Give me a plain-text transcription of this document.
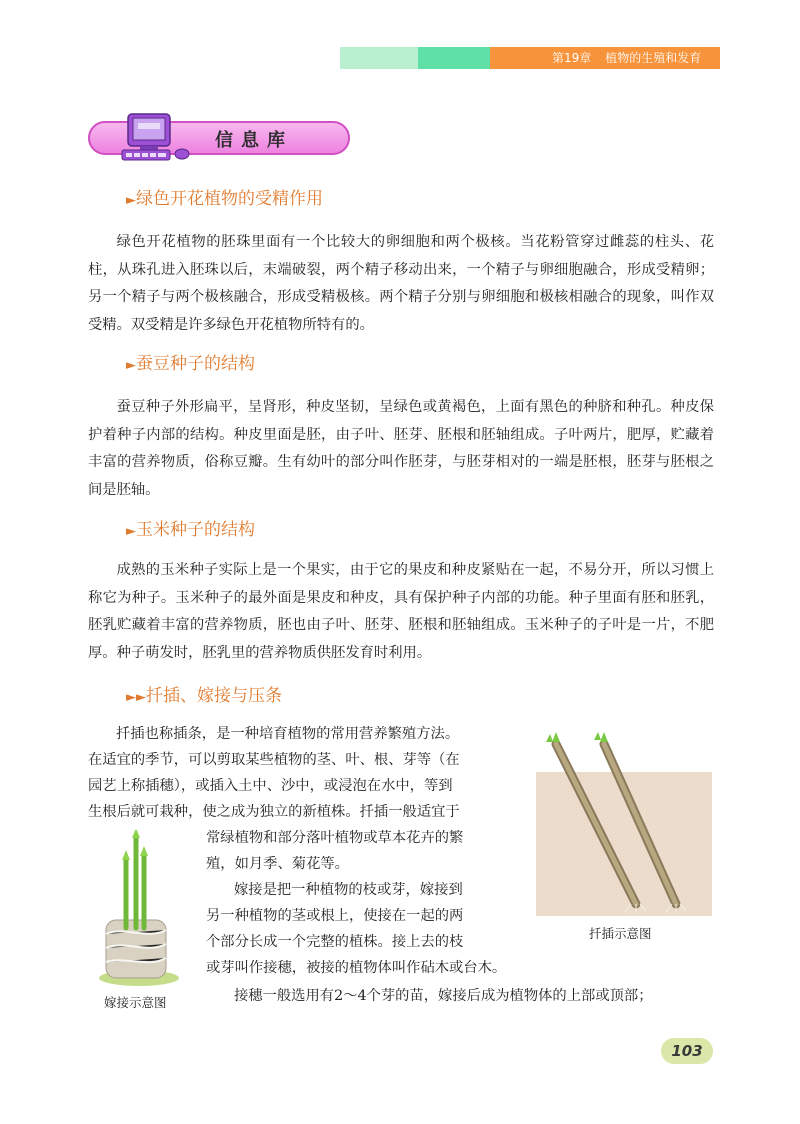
第19章 植物的生殖和发育
信息库
►绿色开花植物的受精作用
绿色开花植物的胚珠里面有一个比较大的卵细胞和两个极核。当花粉管穿过雌蕊的柱头、花柱，从珠孔进入胚珠以后，末端破裂，两个精子移动出来，一个精子与卵细胞融合，形成受精卵；另一个精子与两个极核融合，形成受精极核。两个精子分别与卵细胞和极核相融合的现象，叫作双受精。双受精是许多绿色开花植物所特有的。
►蚕豆种子的结构
蚕豆种子外形扁平，呈肾形，种皮坚韧，呈绿色或黄褐色，上面有黑色的种脐和种孔。种皮保护着种子内部的结构。种皮里面是胚，由子叶、胚芽、胚根和胚轴组成。子叶两片，肥厚，贮藏着丰富的营养物质，俗称豆瓣。生有幼叶的部分叫作胚芽，与胚芽相对的一端是胚根，胚芽与胚根之间是胚轴。
►玉米种子的结构
成熟的玉米种子实际上是一个果实，由于它的果皮和种皮紧贴在一起，不易分开，所以习惯上称它为种子。玉米种子的最外面是果皮和种皮，具有保护种子内部的功能。种子里面有胚和胚乳，胚乳贮藏着丰富的营养物质，胚也由子叶、胚芽、胚根和胚轴组成。玉米种子的子叶是一片，不肥厚。种子萌发时，胚乳里的营养物质供胚发育时利用。
►►扦插、嫁接与压条
扦插也称插条，是一种培育植物的常用营养繁殖方法。
在适宜的季节，可以剪取某些植物的茎、叶、根、芽等（在
园艺上称插穗），或插入土中、沙中，或浸泡在水中，等到
生根后就可栽种，使之成为独立的新植株。扦插一般适宜于
常绿植物和部分落叶植物或草本花卉的繁
殖，如月季、菊花等。
嫁接是把一种植物的枝或芽，嫁接到
另一种植物的茎或根上，使接在一起的两
个部分长成一个完整的植株。接上去的枝
或芽叫作接穗，被接的植物体叫作砧木或台木。
接穗一般选用有2～4个芽的苗，嫁接后成为植物体的上部或顶部；
扦插示意图
嫁接示意图
103
